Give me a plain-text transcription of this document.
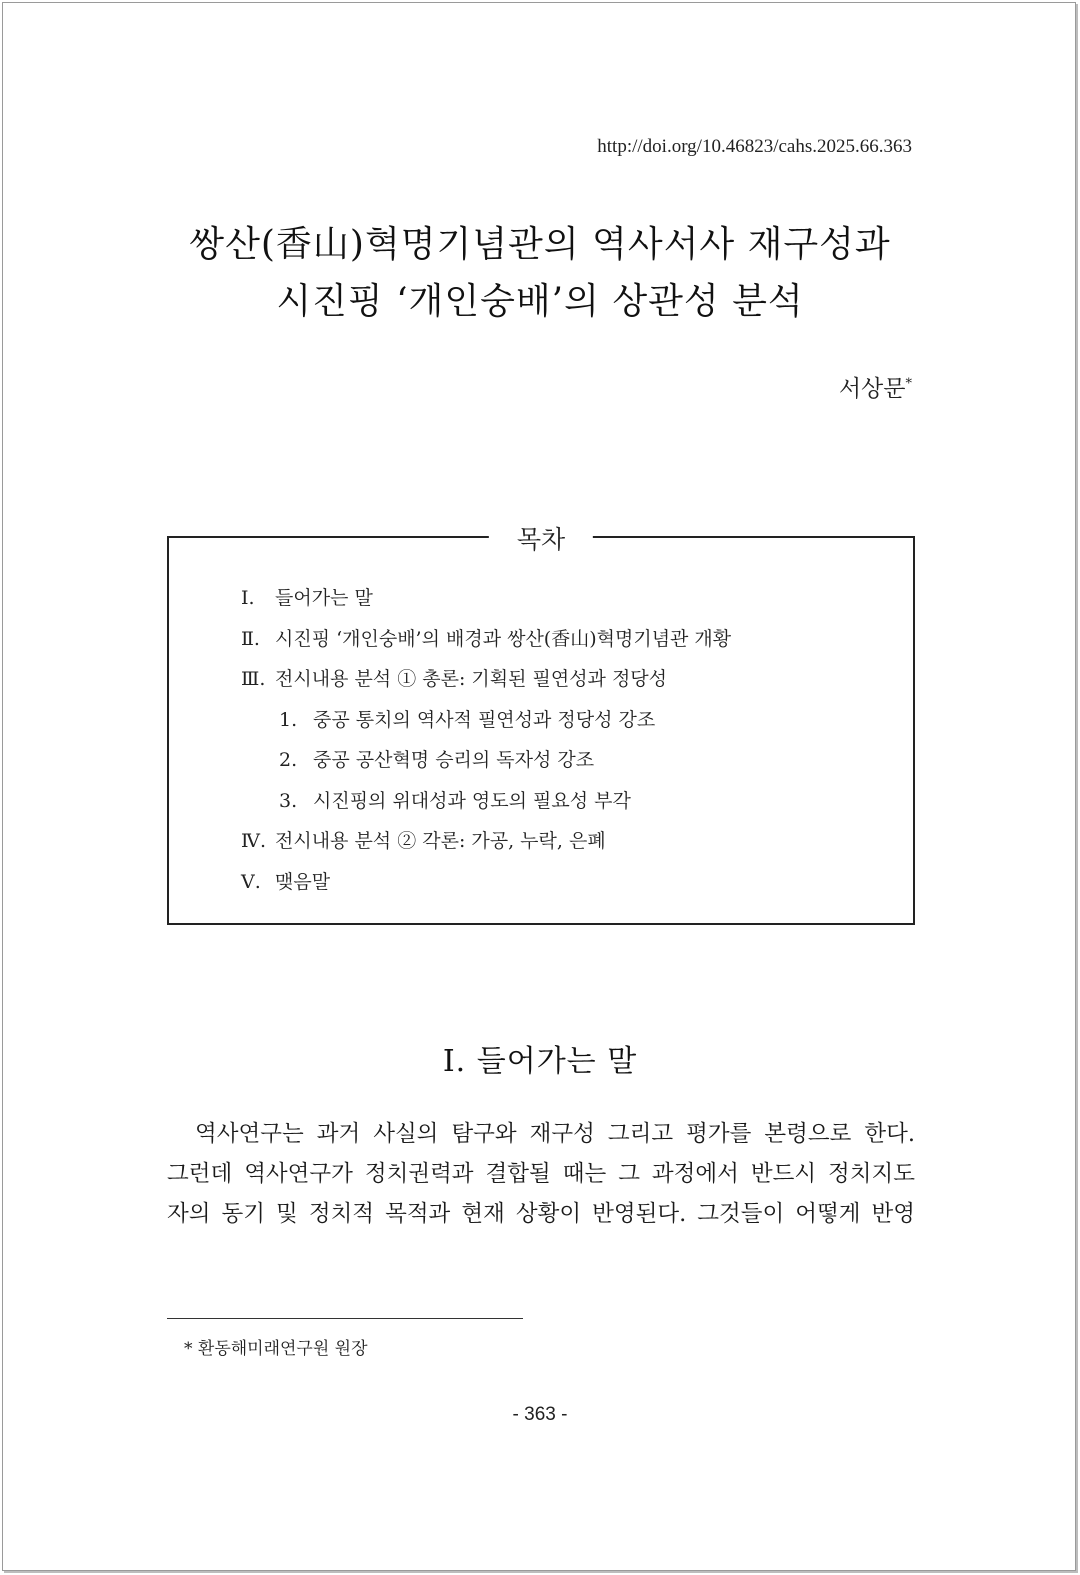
http://doi.org/10.46823/cahs.2025.66.363
쌍산(香山)혁명기념관의 역사서사 재구성과
시진핑 ‘개인숭배’의 상관성 분석
서상문*
목차
Ⅰ. 들어가는 말
Ⅱ. 시진핑 ‘개인숭배’의 배경과 쌍산(香山)혁명기념관 개황
Ⅲ. 전시내용 분석 ① 총론: 기획된 필연성과 정당성
1. 중공 통치의 역사적 필연성과 정당성 강조
2. 중공 공산혁명 승리의 독자성 강조
3. 시진핑의 위대성과 영도의 필요성 부각
Ⅳ. 전시내용 분석 ② 각론: 가공, 누락, 은폐
Ⅴ. 맺음말
Ⅰ. 들어가는 말
역사연구는 과거 사실의 탐구와 재구성 그리고 평가를 본령으로 한다.
그런데 역사연구가 정치권력과 결합될 때는 그 과정에서 반드시 정치지도
자의 동기 및 정치적 목적과 현재 상황이 반영된다. 그것들이 어떻게 반영
* 환동해미래연구원 원장
- 363 -
